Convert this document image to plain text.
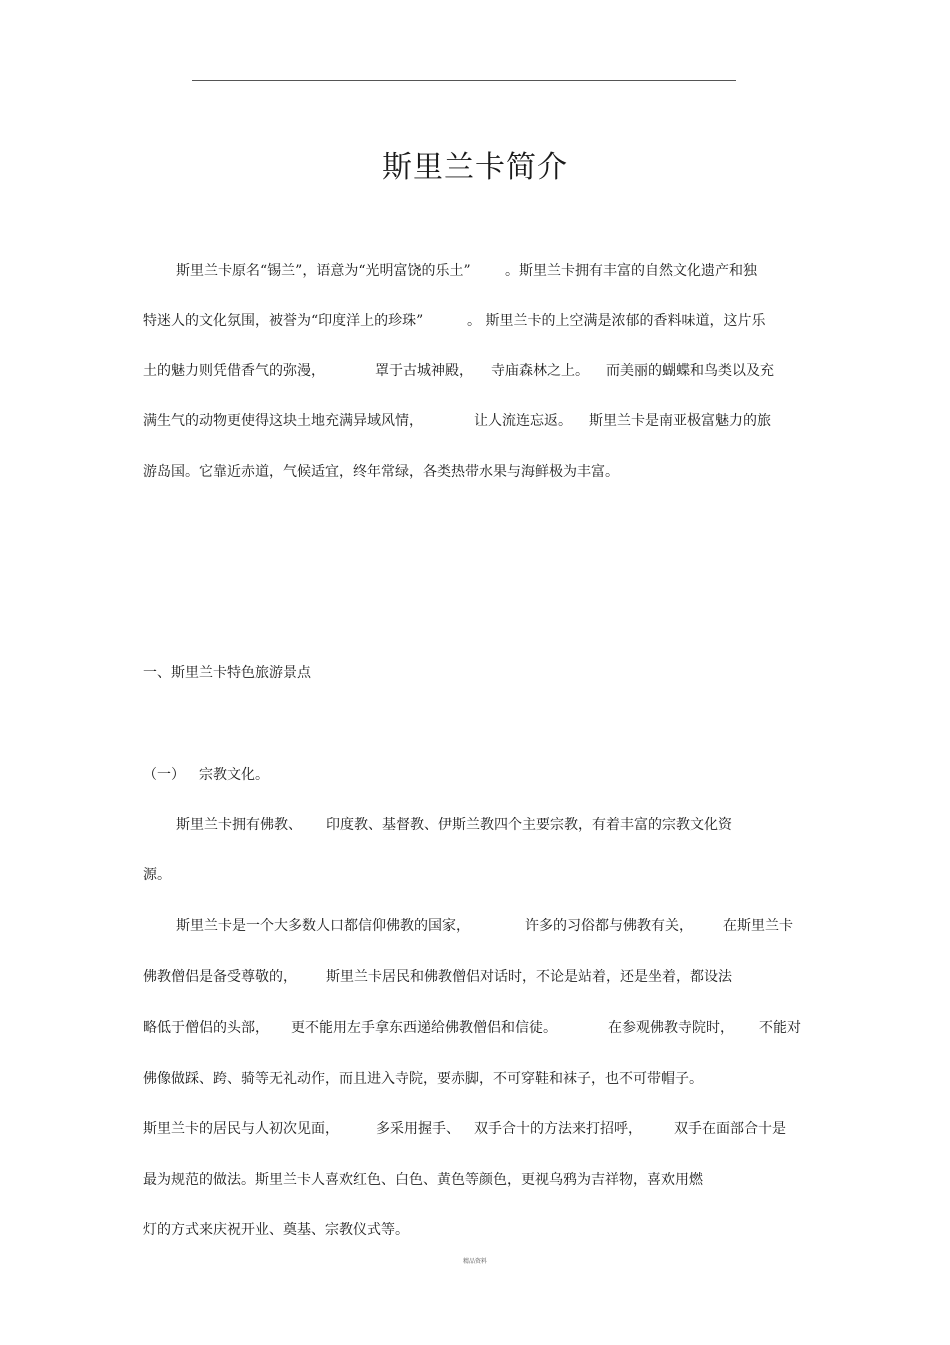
斯里兰卡简介
斯里兰卡原名“锡兰”，语意为“光明富饶的乐土” 。斯里兰卡拥有丰富的自然文化遗产和独
特迷人的文化氛围，被誉为“印度洋上的珍珠”	。 斯里兰卡的上空满是浓郁的香料味道，这片乐
土的魅力则凭借香气的弥漫，	罩于古城神殿， 寺庙森林之上。 而美丽的蝴蝶和鸟类以及充
满生气的动物更使得这块土地充满异域风情，	让人流连忘返。 斯里兰卡是南亚极富魅力的旅
游岛国。它靠近赤道，气候适宜，终年常绿，各类热带水果与海鲜极为丰富。
一、斯里兰卡特色旅游景点
（一） 宗教文化。
斯里兰卡拥有佛教、 印度教、基督教、伊斯兰教四个主要宗教，有着丰富的宗教文化资
源。
斯里兰卡是一个大多数人口都信仰佛教的国家，	许多的习俗都与佛教有关， 在斯里兰卡
佛教僧侣是备受尊敬的， 斯里兰卡居民和佛教僧侣对话时，不论是站着，还是坐着，都设法
略低于僧侣的头部， 更不能用左手拿东西递给佛教僧侣和信徒。	在参观佛教寺院时， 不能对
佛像做踩、跨、骑等无礼动作，而且进入寺院，要赤脚，不可穿鞋和袜子，也不可带帽子。
斯里兰卡的居民与人初次见面，	多采用握手、 双手合十的方法来打招呼， 双手在面部合十是
最为规范的做法。斯里兰卡人喜欢红色、白色、黄色等颜色，更视乌鸦为吉祥物，喜欢用燃
灯的方式来庆祝开业、奠基、宗教仪式等。
精品资料
